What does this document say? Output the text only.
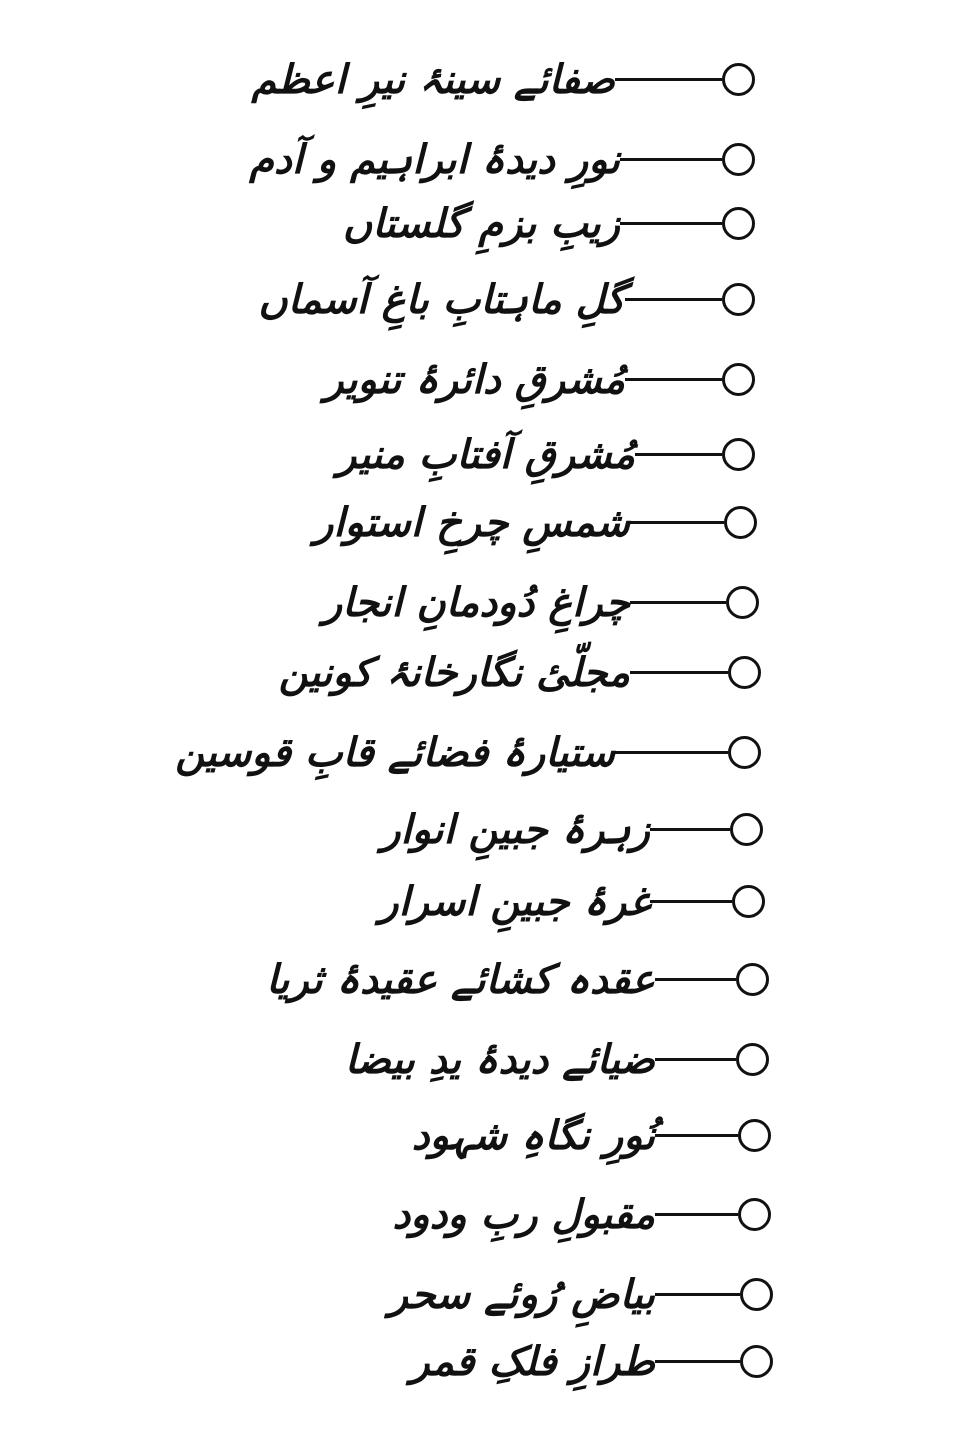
صفائے سینۂ نیرِ اعظم
نورِ دیدۂ ابراہیم و آدم
زیبِ بزمِ گلستاں
گلِ ماہتابِ باغِ آسماں
مُشرقِ دائرۂ تنویر
مُشرقِ آفتابِ منیر
شمسِ چرخِ استوار
چراغِ دُودمانِ انجار
مجلّیٔ نگارخانۂ کونین
ستیارۂ فضائے قابِ قوسین
زہرۂ جبینِ انوار
غرۂ جبینِ اسرار
عقدہ کشائے عقیدۂ ثریا
ضیائے دیدۂ یدِ بیضا
نُورِ نگاہِ شہود
مقبولِ ربِ ودود
بیاضِ رُوئے سحر
طرازِ فلکِ قمر
